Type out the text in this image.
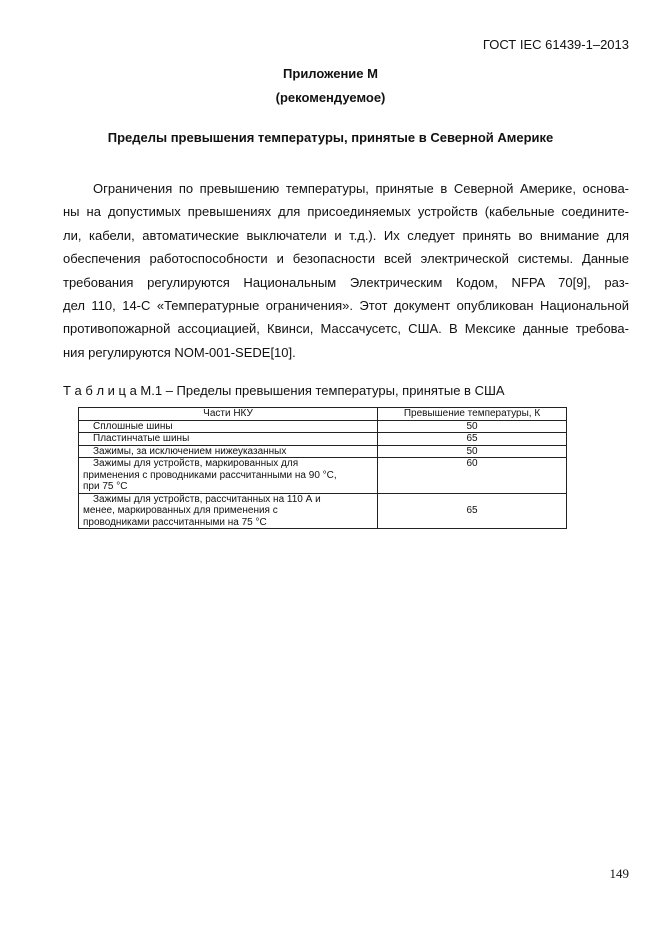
ГОСТ IEC 61439-1–2013
Приложение М
(рекомендуемое)
Пределы превышения температуры, принятые в Северной Америке
Ограничения по превышению температуры, принятые в Северной Америке, основа-
ны на допустимых превышениях для присоединяемых устройств (кабельные соедините-
ли, кабели, автоматические выключатели и т.д.). Их следует принять во внимание для
обеспечения работоспособности и безопасности всей электрической системы. Данные
требования регулируются Национальным Электрическим Кодом, NFPA 70[9], раз-
дел 110, 14-С «Температурные ограничения». Этот документ опубликован Национальной
противопожарной ассоциацией, Квинси, Массачусетс, США. В Мексике данные требова-
ния регулируются NOM-001-SEDE[10].
Т а б л и ц а М.1 – Пределы превышения температуры, принятые в США
Части НКУ	Превышение температуры, К
Сплошные шины	50
Пластинчатые шины	65
Зажимы, за исключением нижеуказанных	50

Зажимы для устройств, маркированных для
применения с проводниками рассчитанными на 90 °С,
при 75 °С	60

Зажимы для устройств, рассчитанных на 110 А и
менее, маркированных для применения с
проводниками рассчитанными на 75 °С	65
149
